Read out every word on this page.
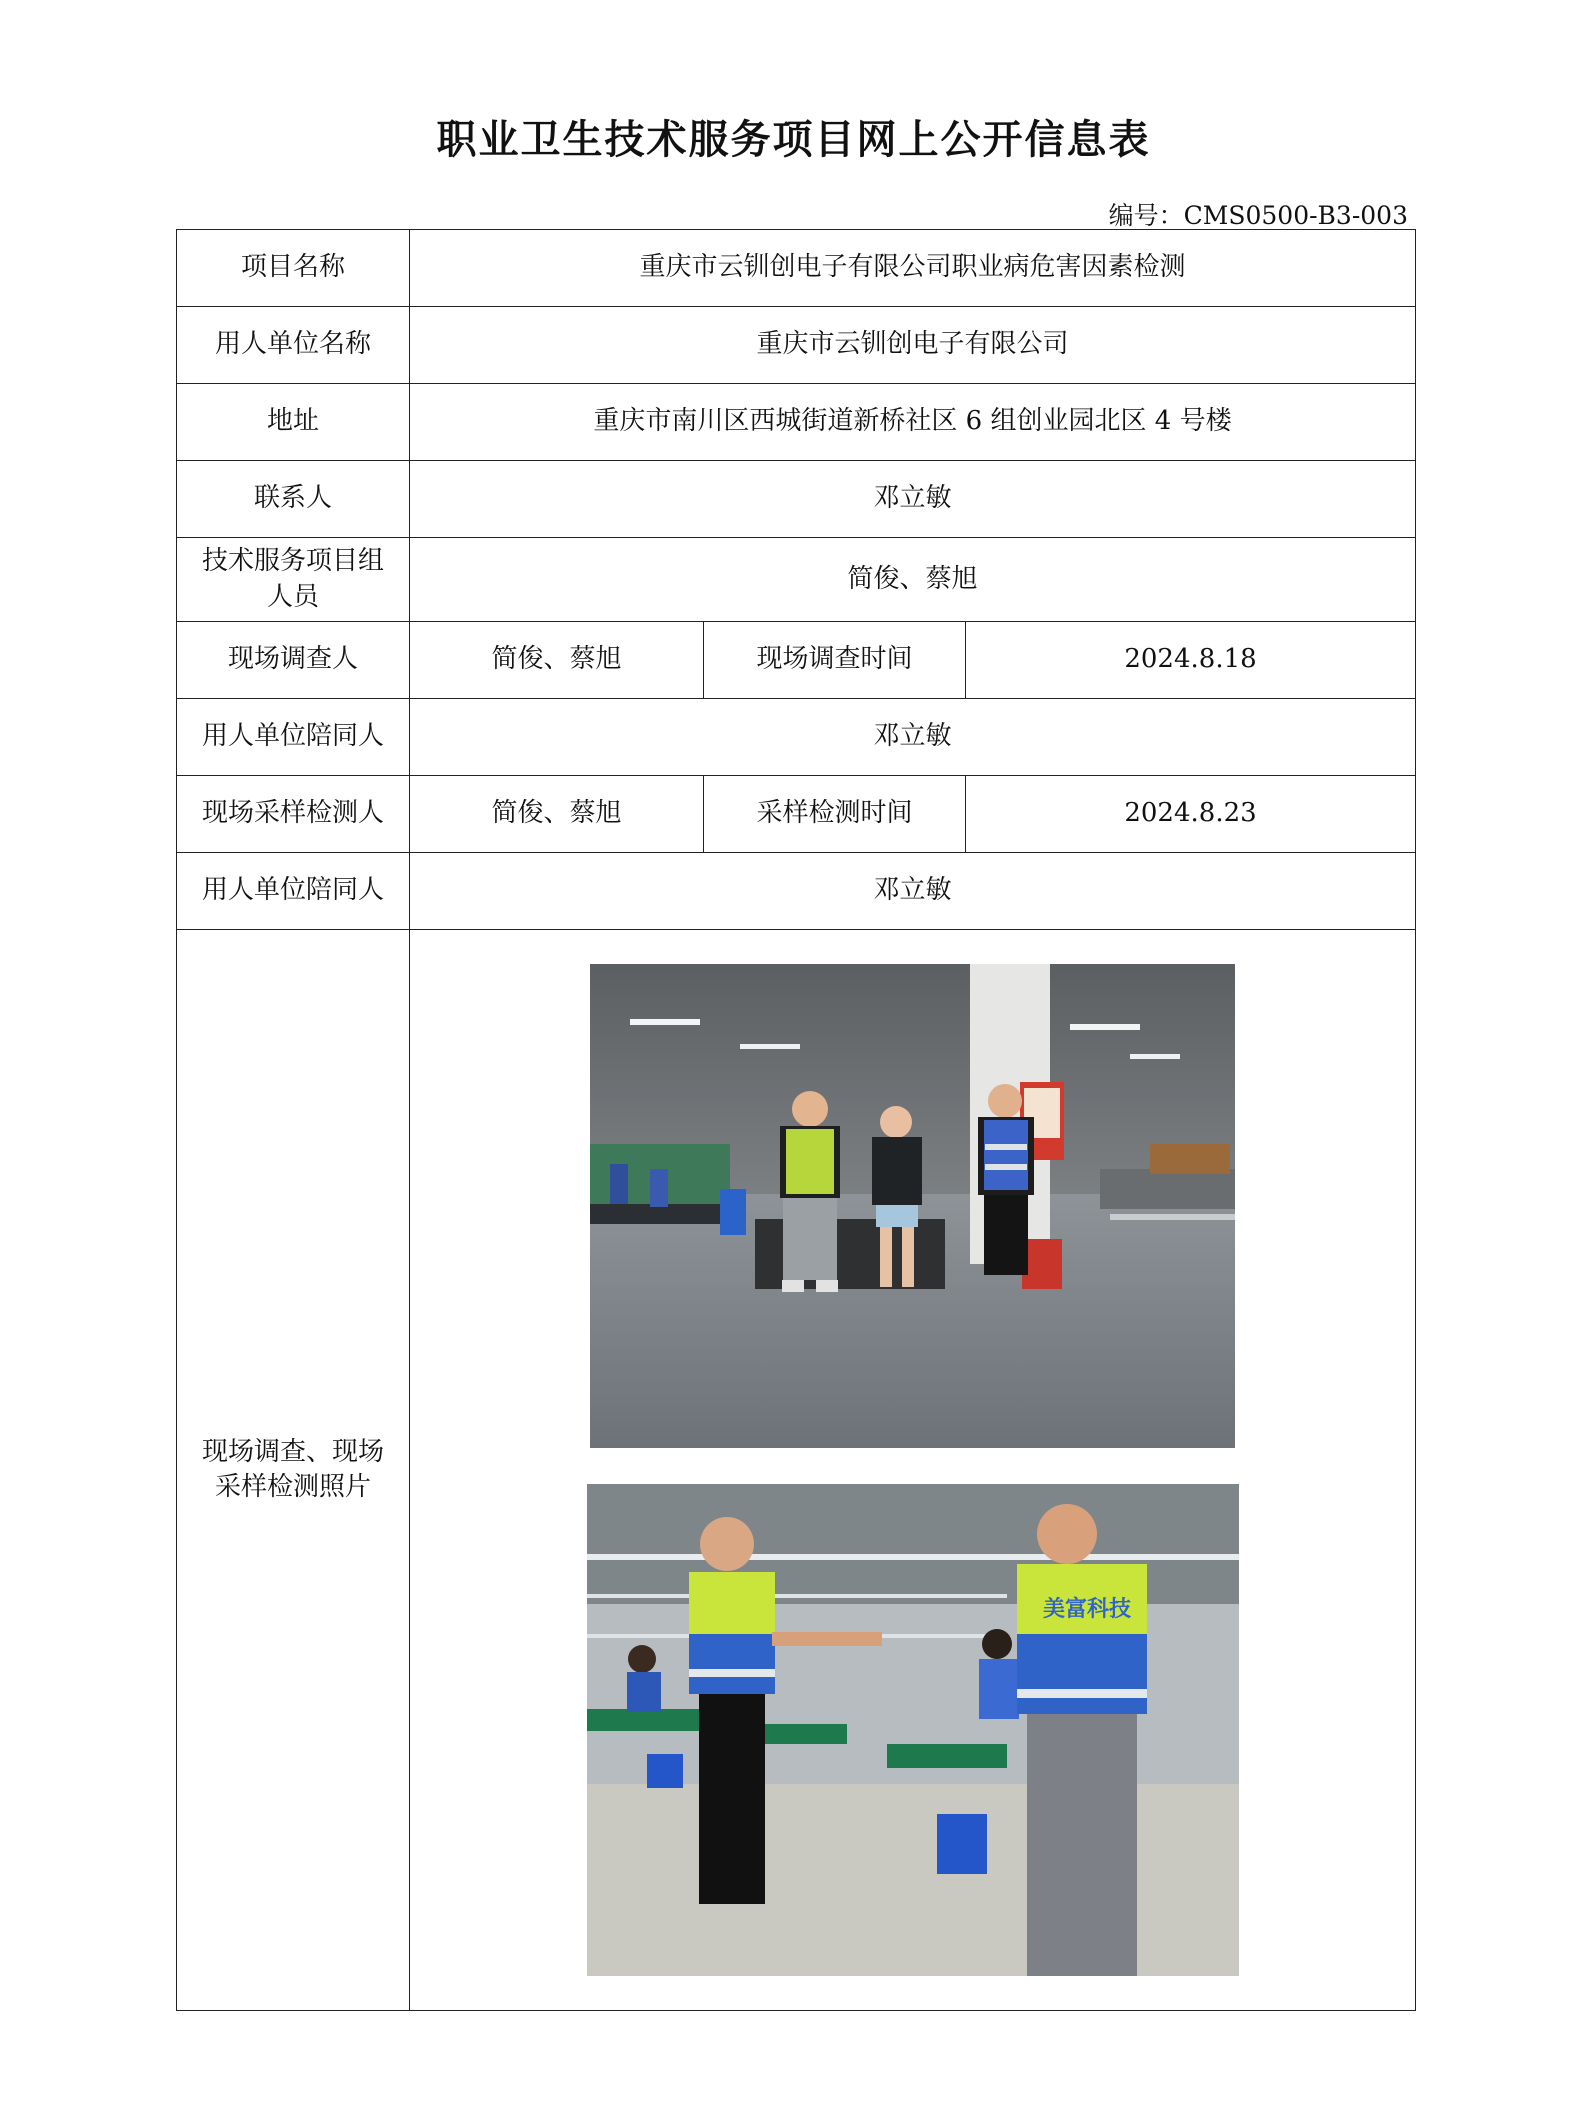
职业卫生技术服务项目网上公开信息表
编号：CMS0500-B3-003
项目名称	重庆市云钏创电子有限公司职业病危害因素检测		
用人单位名称	重庆市云钏创电子有限公司		
地址	重庆市南川区西城街道新桥社区 6 组创业园北区 4 号楼		
联系人	邓立敏		
技术服务项目组人员	简俊、蔡旭		
现场调查人	简俊、蔡旭	现场调查时间	2024.8.18
用人单位陪同人	邓立敏		
现场采样检测人	简俊、蔡旭	采样检测时间	2024.8.23
用人单位陪同人	邓立敏		
现场调查、现场采样检测照片	美富科技		
